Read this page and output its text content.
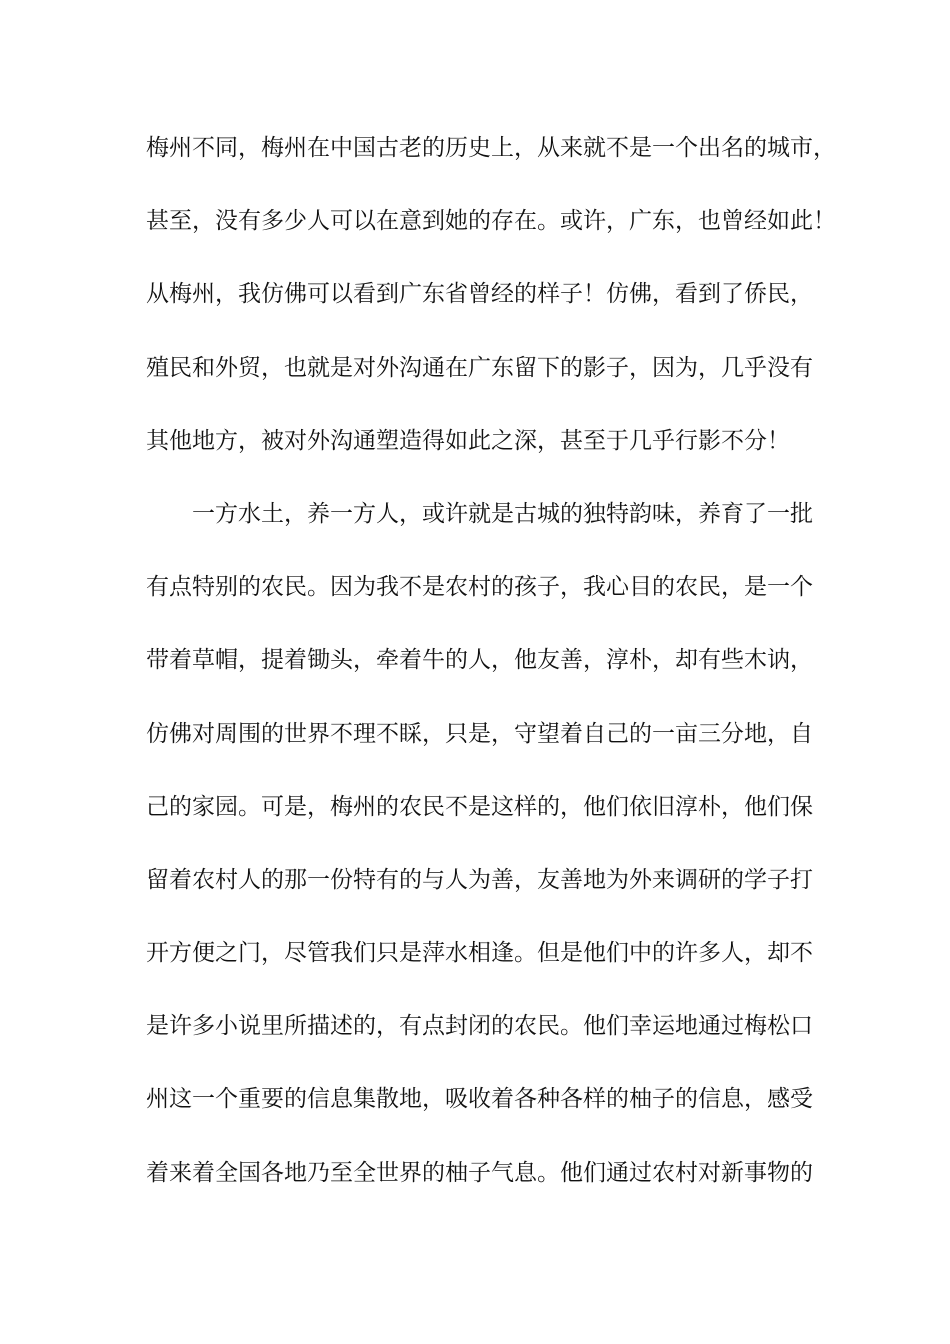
梅州不同，梅州在中国古老的历史上，从来就不是一个出名的城市，
甚至，没有多少人可以在意到她的存在。或许，广东，也曾经如此！
从梅州，我仿佛可以看到广东省曾经的样子！仿佛，看到了侨民，
殖民和外贸，也就是对外沟通在广东留下的影子，因为，几乎没有
其他地方，被对外沟通塑造得如此之深，甚至于几乎行影不分！
一方水土，养一方人，或许就是古城的独特韵味，养育了一批
有点特别的农民。因为我不是农村的孩子，我心目的农民，是一个
带着草帽，提着锄头，牵着牛的人，他友善，淳朴，却有些木讷，
仿佛对周围的世界不理不睬，只是，守望着自己的一亩三分地，自
己的家园。可是，梅州的农民不是这样的，他们依旧淳朴，他们保
留着农村人的那一份特有的与人为善，友善地为外来调研的学子打
开方便之门，尽管我们只是萍水相逢。但是他们中的许多人，却不
是许多小说里所描述的，有点封闭的农民。他们幸运地通过梅松口
州这一个重要的信息集散地，吸收着各种各样的柚子的信息，感受
着来着全国各地乃至全世界的柚子气息。他们通过农村对新事物的
